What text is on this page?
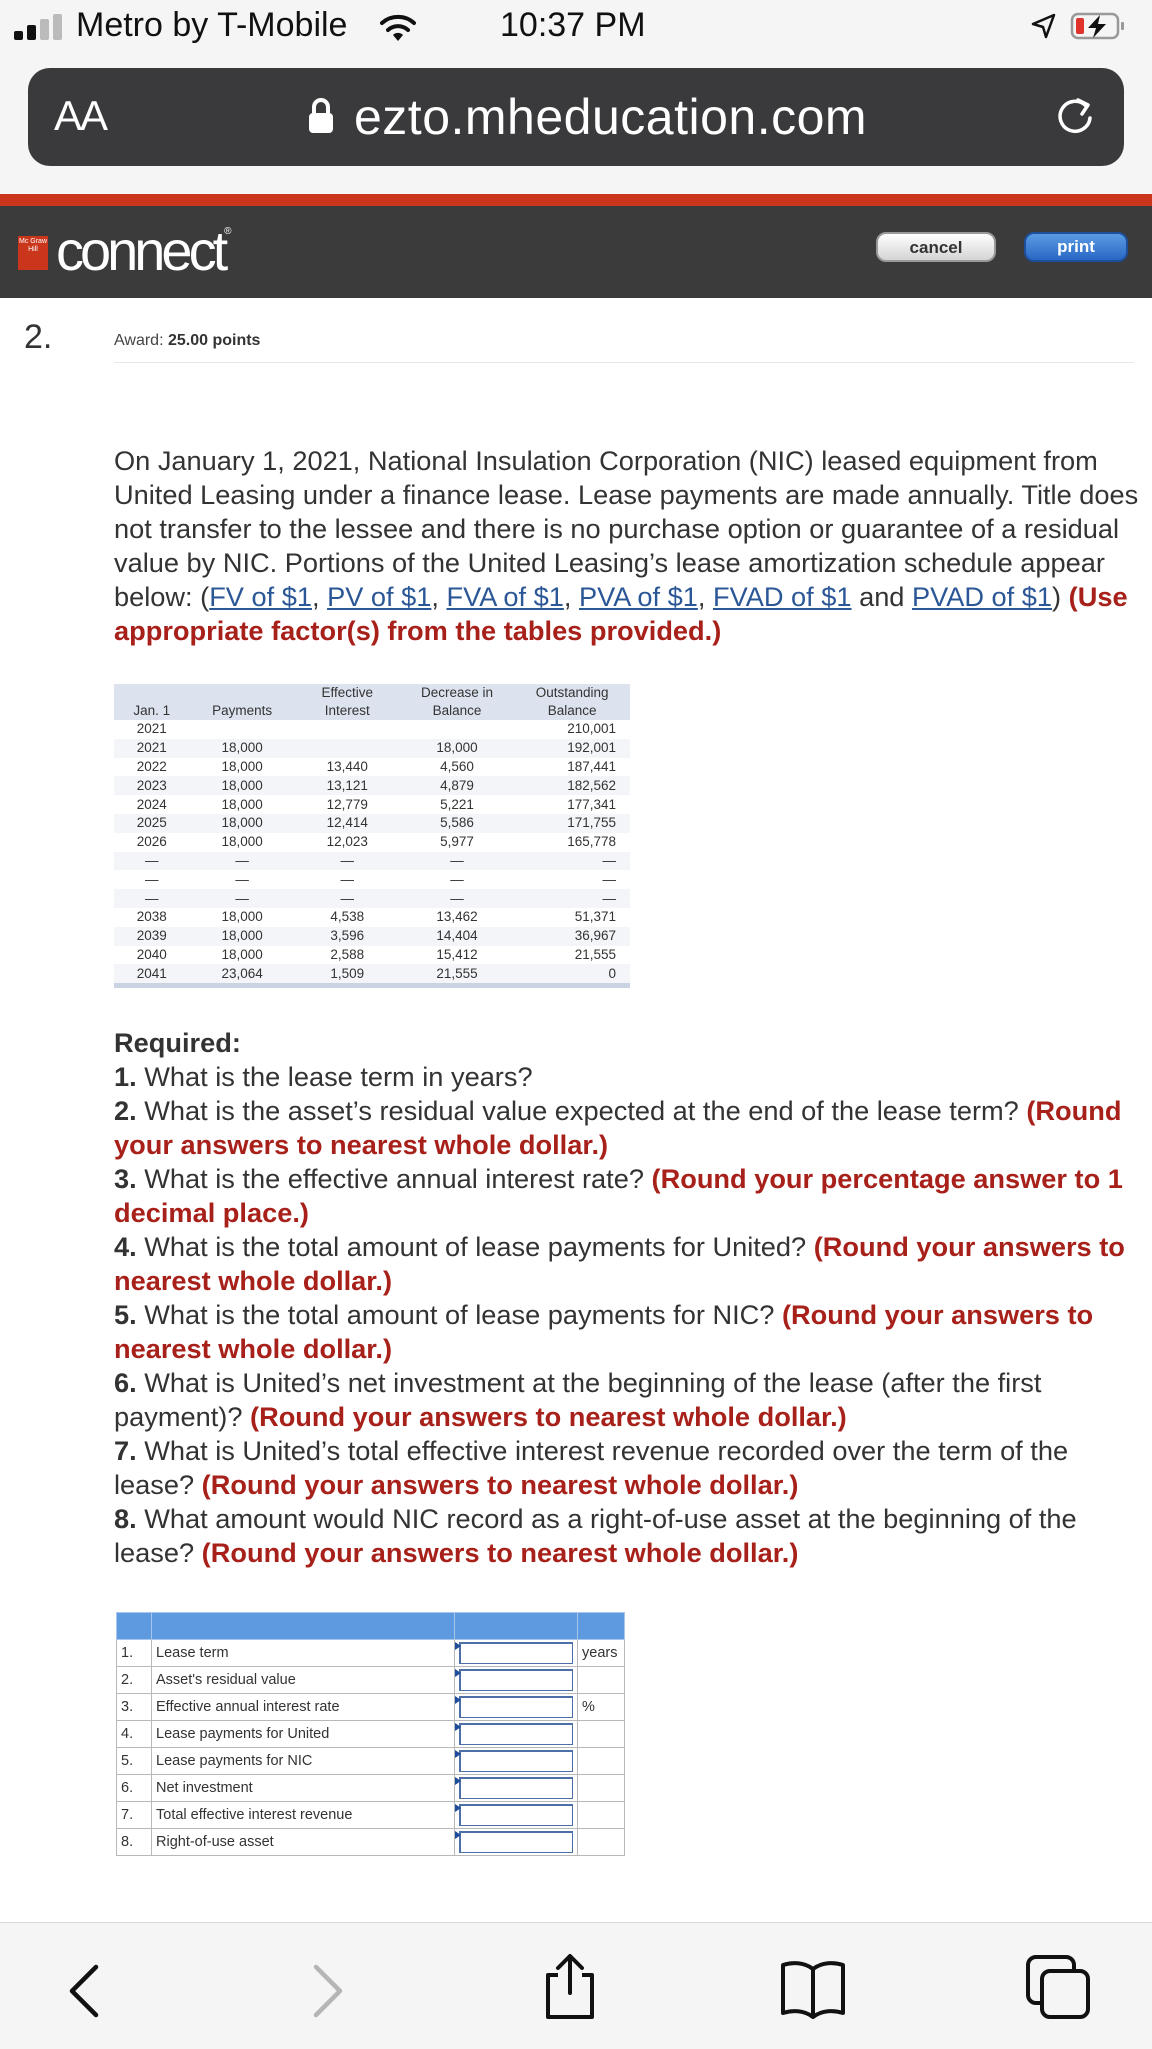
Metro by T-Mobile	10:37 PM
AA	ezto.mheducation.com
Mc Graw Hill connect®
cancel	print
2.	Award: 25.00 points
On January 1, 2021, National Insulation Corporation (NIC) leased equipment from United Leasing under a finance lease. Lease payments are made annually. Title does not transfer to the lessee and there is no purchase option or guarantee of a residual value by NIC. Portions of the United Leasing’s lease amortization schedule appear below: (FV of $1, PV of $1, FVA of $1, PVA of $1, FVAD of $1 and PVAD of $1) (Use appropriate factor(s) from the tables provided.)
Jan. 1	Payments	Effective Interest	Decrease in Balance	Outstanding Balance
2021				210,001
2021	18,000		18,000	192,001
2022	18,000	13,440	4,560	187,441
2023	18,000	13,121	4,879	182,562
2024	18,000	12,779	5,221	177,341
2025	18,000	12,414	5,586	171,755
2026	18,000	12,023	5,977	165,778
—	—	—	—	—
—	—	—	—	—
—	—	—	—	—
2038	18,000	4,538	13,462	51,371
2039	18,000	3,596	14,404	36,967
2040	18,000	2,588	15,412	21,555
2041	23,064	1,509	21,555	0

Required:

1. What is the lease term in years?

2. What is the asset’s residual value expected at the end of the lease term? (Round your answers to nearest whole dollar.)

3. What is the effective annual interest rate? (Round your percentage answer to 1 decimal place.)

4. What is the total amount of lease payments for United? (Round your answers to nearest whole dollar.)

5. What is the total amount of lease payments for NIC? (Round your answers to nearest whole dollar.)

6. What is United’s net investment at the beginning of the lease (after the first payment)? (Round your answers to nearest whole dollar.)

7. What is United’s total effective interest revenue recorded over the term of the lease? (Round your answers to nearest whole dollar.)

8. What amount would NIC record as a right-of-use asset at the beginning of the lease? (Round your answers to nearest whole dollar.)

1.	Lease term		years
2.	Asset's residual value	

3.	Effective annual interest rate		%
4.	Lease payments for United	

5.	Lease payments for NIC	

6.	Net investment	

7.	Total effective interest revenue	

8.	Right-of-use asset	
